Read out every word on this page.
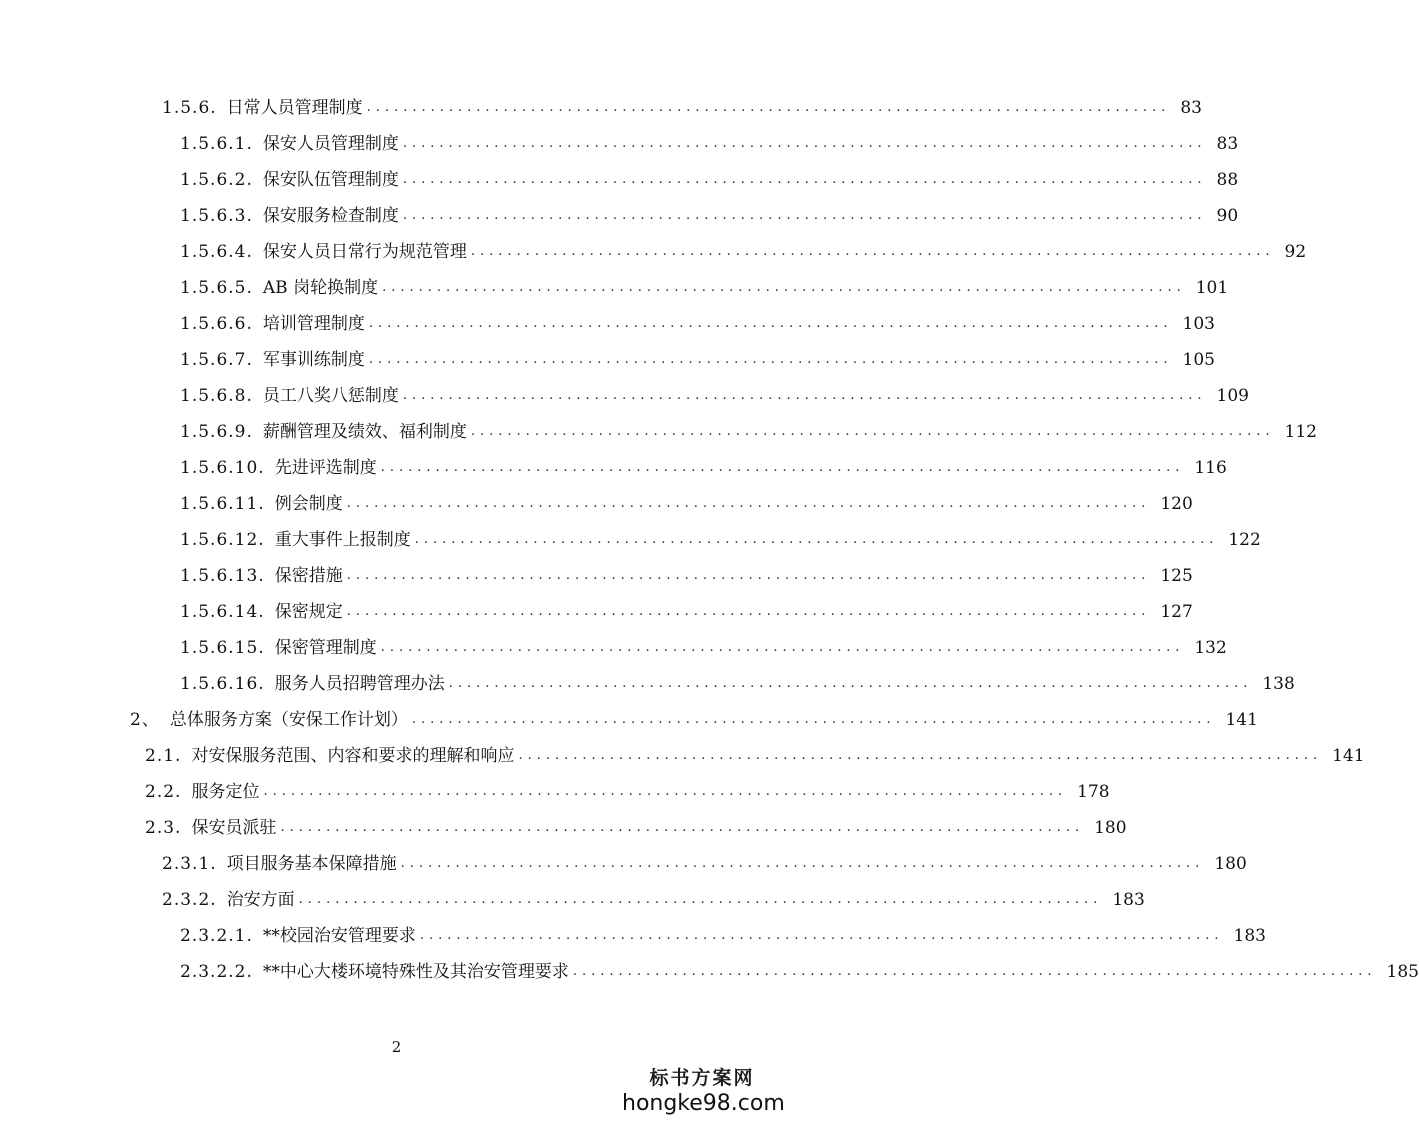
1.5.6. 日常人员管理制度 ........................................................................................ 83
1.5.6.1. 保安人员管理制度 ........................................................................................ 83
1.5.6.2. 保安队伍管理制度 ........................................................................................ 88
1.5.6.3. 保安服务检查制度 ........................................................................................ 90
1.5.6.4. 保安人员日常行为规范管理 ........................................................................................ 92
1.5.6.5. AB 岗轮换制度 ........................................................................................ 101
1.5.6.6. 培训管理制度 ........................................................................................ 103
1.5.6.7. 军事训练制度 ........................................................................................ 105
1.5.6.8. 员工八奖八惩制度 ........................................................................................ 109
1.5.6.9. 薪酬管理及绩效、福利制度 ........................................................................................ 112
1.5.6.10. 先进评选制度 ........................................................................................ 116
1.5.6.11. 例会制度 ........................................................................................ 120
1.5.6.12. 重大事件上报制度 ........................................................................................ 122
1.5.6.13. 保密措施 ........................................................................................ 125
1.5.6.14. 保密规定 ........................................................................................ 127
1.5.6.15. 保密管理制度 ........................................................................................ 132
1.5.6.16. 服务人员招聘管理办法 ........................................................................................ 138
2、 总体服务方案（安保工作计划） ........................................................................................ 141
2.1. 对安保服务范围、内容和要求的理解和响应 ........................................................................................ 141
2.2. 服务定位 ........................................................................................ 178
2.3. 保安员派驻 ........................................................................................ 180
2.3.1. 项目服务基本保障措施 ........................................................................................ 180
2.3.2. 治安方面 ........................................................................................ 183
2.3.2.1. **校园治安管理要求 ........................................................................................ 183
2.3.2.2. **中心大楼环境特殊性及其治安管理要求 ........................................................................................ 185
2
标书方案网
hongke98.com
